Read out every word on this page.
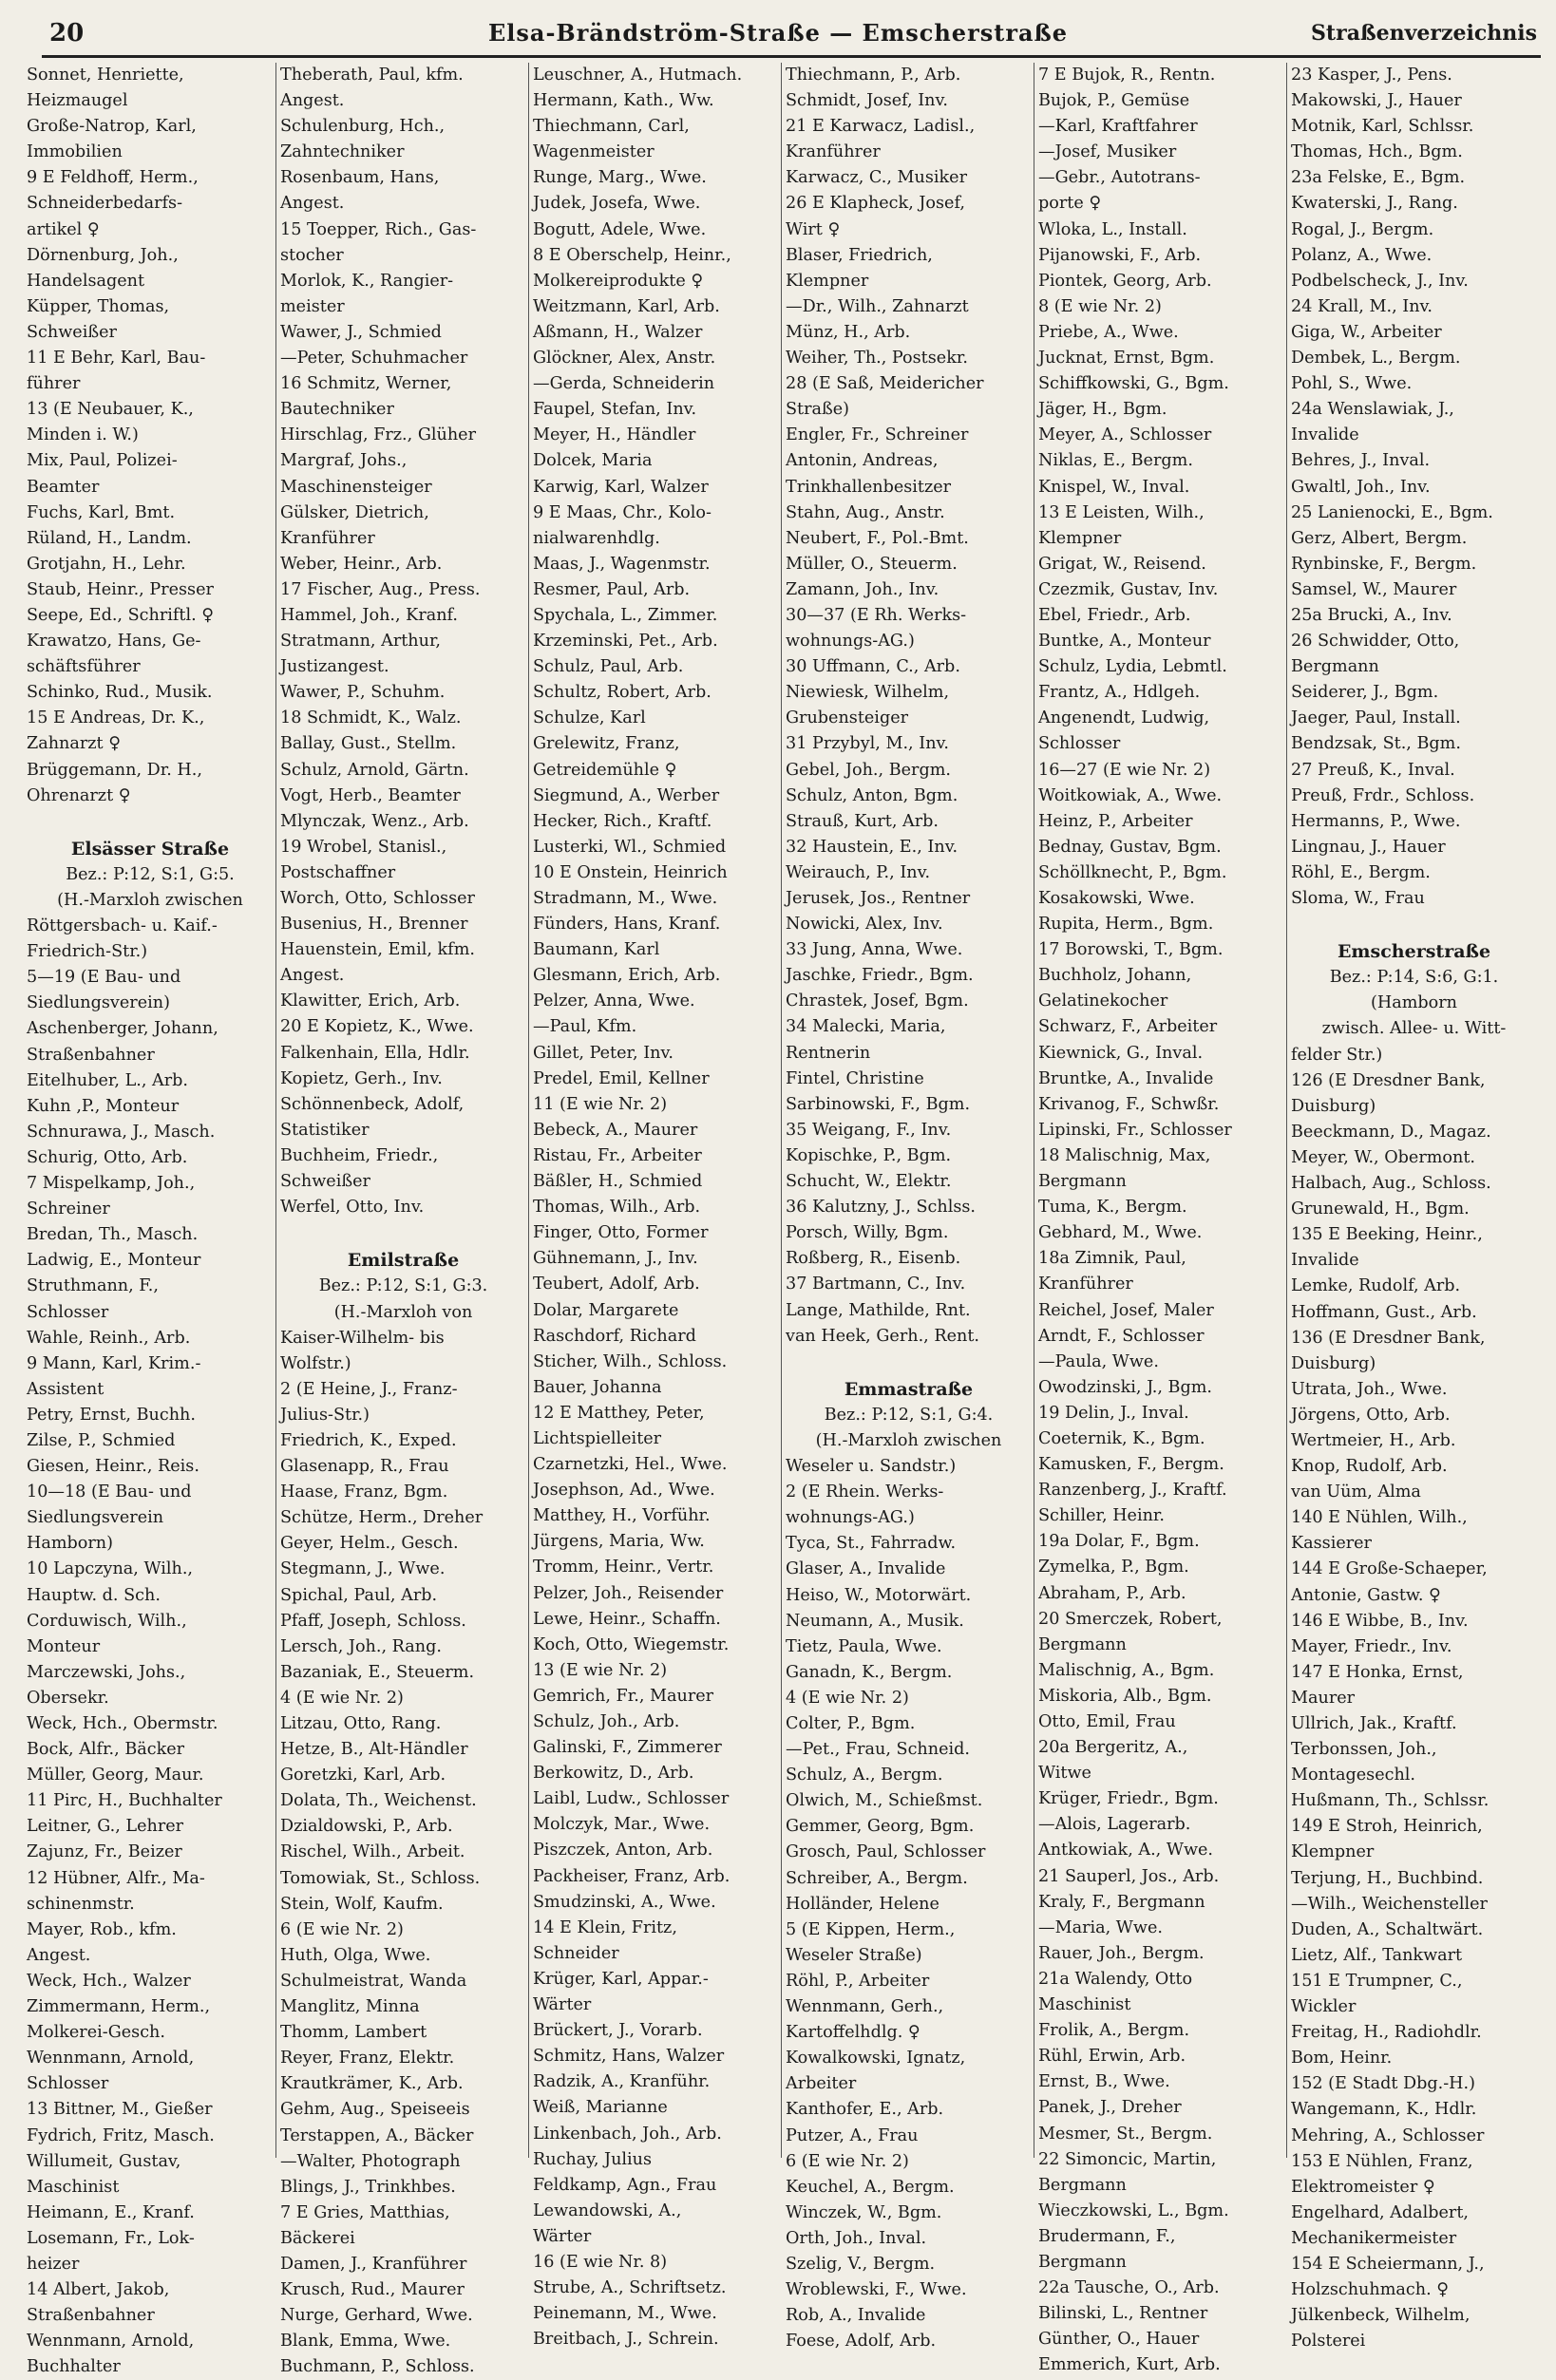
20	Elsa-Brändström-Straße — Emscherstraße	Straßenverzeichnis
Sonnet, Henriette,
Heizmaugel
Große-Natrop, Karl,
Immobilien
9 E Feldhoff, Herm.,
Schneiderbedarfs-
artikel ♀
Dörnenburg, Joh.,
Handelsagent
Küpper, Thomas,
Schweißer
11 E Behr, Karl, Bau-
führer
13 (E Neubauer, K.,
Minden i. W.)
Mix, Paul, Polizei-
Beamter
Fuchs, Karl, Bmt.
Rüland, H., Landm.
Grotjahn, H., Lehr.
Staub, Heinr., Presser
Seepe, Ed., Schriftl. ♀
Krawatzo, Hans, Ge-
schäftsführer
Schinko, Rud., Musik.
15 E Andreas, Dr. K.,
Zahnarzt ♀
Brüggemann, Dr. H.,
Ohrenarzt ♀

Elsässer Straße
Bez.: P:12, S:1, G:5.
(H.-Marxloh zwischen
Röttgersbach- u. Kaif.-
Friedrich-Str.)
5—19 (E Bau- und
Siedlungsverein)
Aschenberger, Johann,
Straßenbahner
Eitelhuber, L., Arb.
Kuhn ,P., Monteur
Schnurawa, J., Masch.
Schurig, Otto, Arb.
7 Mispelkamp, Joh.,
Schreiner
Bredan, Th., Masch.
Ladwig, E., Monteur
Struthmann, F.,
Schlosser
Wahle, Reinh., Arb.
9 Mann, Karl, Krim.-
Assistent
Petry, Ernst, Buchh.
Zilse, P., Schmied
Giesen, Heinr., Reis.
10—18 (E Bau- und
Siedlungsverein
Hamborn)
10 Lapczyna, Wilh.,
Hauptw. d. Sch.
Corduwisch, Wilh.,
Monteur
Marczewski, Johs.,
Obersekr.
Weck, Hch., Obermstr.
Bock, Alfr., Bäcker
Müller, Georg, Maur.
11 Pirc, H., Buchhalter
Leitner, G., Lehrer
Zajunz, Fr., Beizer
12 Hübner, Alfr., Ma-
schinenmstr.
Mayer, Rob., kfm.
Angest.
Weck, Hch., Walzer
Zimmermann, Herm.,
Molkerei-Gesch.
Wennmann, Arnold,
Schlosser
13 Bittner, M., Gießer
Fydrich, Fritz, Masch.
Willumeit, Gustav,
Maschinist
Heimann, E., Kranf.
Losemann, Fr., Lok-
heizer
14 Albert, Jakob,
Straßenbahner
Wennmann, Arnold,
Buchhalter
Theberath, Paul, kfm.
Angest.
Schulenburg, Hch.,
Zahntechniker
Rosenbaum, Hans,
Angest.
15 Toepper, Rich., Gas-
stocher
Morlok, K., Rangier-
meister
Wawer, J., Schmied
—Peter, Schuhmacher
16 Schmitz, Werner,
Bautechniker
Hirschlag, Frz., Glüher
Margraf, Johs.,
Maschinensteiger
Gülsker, Dietrich,
Kranführer
Weber, Heinr., Arb.
17 Fischer, Aug., Press.
Hammel, Joh., Kranf.
Stratmann, Arthur,
Justizangest.
Wawer, P., Schuhm.
18 Schmidt, K., Walz.
Ballay, Gust., Stellm.
Schulz, Arnold, Gärtn.
Vogt, Herb., Beamter
Mlynczak, Wenz., Arb.
19 Wrobel, Stanisl.,
Postschaffner
Worch, Otto, Schlosser
Busenius, H., Brenner
Hauenstein, Emil, kfm.
Angest.
Klawitter, Erich, Arb.
20 E Kopietz, K., Wwe.
Falkenhain, Ella, Hdlr.
Kopietz, Gerh., Inv.
Schönnenbeck, Adolf,
Statistiker
Buchheim, Friedr.,
Schweißer
Werfel, Otto, Inv.

Emilstraße
Bez.: P:12, S:1, G:3.
(H.-Marxloh von
Kaiser-Wilhelm- bis
Wolfstr.)
2 (E Heine, J., Franz-
Julius-Str.)
Friedrich, K., Exped.
Glasenapp, R., Frau
Haase, Franz, Bgm.
Schütze, Herm., Dreher
Geyer, Helm., Gesch.
Stegmann, J., Wwe.
Spichal, Paul, Arb.
Pfaff, Joseph, Schloss.
Lersch, Joh., Rang.
Bazaniak, E., Steuerm.
4 (E wie Nr. 2)
Litzau, Otto, Rang.
Hetze, B., Alt-Händler
Goretzki, Karl, Arb.
Dolata, Th., Weichenst.
Dzialdowski, P., Arb.
Rischel, Wilh., Arbeit.
Tomowiak, St., Schloss.
Stein, Wolf, Kaufm.
6 (E wie Nr. 2)
Huth, Olga, Wwe.
Schulmeistrat, Wanda
Manglitz, Minna
Thomm, Lambert
Reyer, Franz, Elektr.
Krautkrämer, K., Arb.
Gehm, Aug., Speiseeis
Terstappen, A., Bäcker
—Walter, Photograph
Blings, J., Trinkhbes.
7 E Gries, Matthias,
Bäckerei
Damen, J., Kranführer
Krusch, Rud., Maurer
Nurge, Gerhard, Wwe.
Blank, Emma, Wwe.
Buchmann, P., Schloss.
Leuschner, A., Hutmach.
Hermann, Kath., Ww.
Thiechmann, Carl,
Wagenmeister
Runge, Marg., Wwe.
Judek, Josefa, Wwe.
Bogutt, Adele, Wwe.
8 E Oberschelp, Heinr.,
Molkereiprodukte ♀
Weitzmann, Karl, Arb.
Aßmann, H., Walzer
Glöckner, Alex, Anstr.
—Gerda, Schneiderin
Faupel, Stefan, Inv.
Meyer, H., Händler
Dolcek, Maria
Karwig, Karl, Walzer
9 E Maas, Chr., Kolo-
nialwarenhdlg.
Maas, J., Wagenmstr.
Resmer, Paul, Arb.
Spychala, L., Zimmer.
Krzeminski, Pet., Arb.
Schulz, Paul, Arb.
Schultz, Robert, Arb.
Schulze, Karl
Grelewitz, Franz,
Getreidemühle ♀
Siegmund, A., Werber
Hecker, Rich., Kraftf.
Lusterki, Wl., Schmied
10 E Onstein, Heinrich
Stradmann, M., Wwe.
Fünders, Hans, Kranf.
Baumann, Karl
Glesmann, Erich, Arb.
Pelzer, Anna, Wwe.
—Paul, Kfm.
Gillet, Peter, Inv.
Predel, Emil, Kellner
11 (E wie Nr. 2)
Bebeck, A., Maurer
Ristau, Fr., Arbeiter
Bäßler, H., Schmied
Thomas, Wilh., Arb.
Finger, Otto, Former
Gühnemann, J., Inv.
Teubert, Adolf, Arb.
Dolar, Margarete
Raschdorf, Richard
Sticher, Wilh., Schloss.
Bauer, Johanna
12 E Matthey, Peter,
Lichtspielleiter
Czarnetzki, Hel., Wwe.
Josephson, Ad., Wwe.
Matthey, H., Vorführ.
Jürgens, Maria, Ww.
Tromm, Heinr., Vertr.
Pelzer, Joh., Reisender
Lewe, Heinr., Schaffn.
Koch, Otto, Wiegemstr.
13 (E wie Nr. 2)
Gemrich, Fr., Maurer
Schulz, Joh., Arb.
Galinski, F., Zimmerer
Berkowitz, D., Arb.
Laibl, Ludw., Schlosser
Molczyk, Mar., Wwe.
Piszczek, Anton, Arb.
Packheiser, Franz, Arb.
Smudzinski, A., Wwe.
14 E Klein, Fritz,
Schneider
Krüger, Karl, Appar.-
Wärter
Brückert, J., Vorarb.
Schmitz, Hans, Walzer
Radzik, A., Kranführ.
Weiß, Marianne
Linkenbach, Joh., Arb.
Ruchay, Julius
Feldkamp, Agn., Frau
Lewandowski, A.,
Wärter
16 (E wie Nr. 8)
Strube, A., Schriftsetz.
Peinemann, M., Wwe.
Breitbach, J., Schrein.
Thiechmann, P., Arb.
Schmidt, Josef, Inv.
21 E Karwacz, Ladisl.,
Kranführer
Karwacz, C., Musiker
26 E Klapheck, Josef,
Wirt ♀
Blaser, Friedrich,
Klempner
—Dr., Wilh., Zahnarzt
Münz, H., Arb.
Weiher, Th., Postsekr.
28 (E Saß, Meidericher
Straße)
Engler, Fr., Schreiner
Antonin, Andreas,
Trinkhallenbesitzer
Stahn, Aug., Anstr.
Neubert, F., Pol.-Bmt.
Müller, O., Steuerm.
Zamann, Joh., Inv.
30—37 (E Rh. Werks-
wohnungs-AG.)
30 Uffmann, C., Arb.
Niewiesk, Wilhelm,
Grubensteiger
31 Przybyl, M., Inv.
Gebel, Joh., Bergm.
Schulz, Anton, Bgm.
Strauß, Kurt, Arb.
32 Haustein, E., Inv.
Weirauch, P., Inv.
Jerusek, Jos., Rentner
Nowicki, Alex, Inv.
33 Jung, Anna, Wwe.
Jaschke, Friedr., Bgm.
Chrastek, Josef, Bgm.
34 Malecki, Maria,
Rentnerin
Fintel, Christine
Sarbinowski, F., Bgm.
35 Weigang, F., Inv.
Kopischke, P., Bgm.
Schucht, W., Elektr.
36 Kalutzny, J., Schlss.
Porsch, Willy, Bgm.
Roßberg, R., Eisenb.
37 Bartmann, C., Inv.
Lange, Mathilde, Rnt.
van Heek, Gerh., Rent.

Emmastraße
Bez.: P:12, S:1, G:4.
(H.-Marxloh zwischen
Weseler u. Sandstr.)
2 (E Rhein. Werks-
wohnungs-AG.)
Tyca, St., Fahrradw.
Glaser, A., Invalide
Heiso, W., Motorwärt.
Neumann, A., Musik.
Tietz, Paula, Wwe.
Ganadn, K., Bergm.
4 (E wie Nr. 2)
Colter, P., Bgm.
—Pet., Frau, Schneid.
Schulz, A., Bergm.
Olwich, M., Schießmst.
Gemmer, Georg, Bgm.
Grosch, Paul, Schlosser
Schreiber, A., Bergm.
Holländer, Helene
5 (E Kippen, Herm.,
Weseler Straße)
Röhl, P., Arbeiter
Wennmann, Gerh.,
Kartoffelhdlg. ♀
Kowalkowski, Ignatz,
Arbeiter
Kanthofer, E., Arb.
Putzer, A., Frau
6 (E wie Nr. 2)
Keuchel, A., Bergm.
Winczek, W., Bgm.
Orth, Joh., Inval.
Szelig, V., Bergm.
Wroblewski, F., Wwe.
Rob, A., Invalide
Foese, Adolf, Arb.
7 E Bujok, R., Rentn.
Bujok, P., Gemüse
—Karl, Kraftfahrer
—Josef, Musiker
—Gebr., Autotrans-
porte ♀
Wloka, L., Install.
Pijanowski, F., Arb.
Piontek, Georg, Arb.
8 (E wie Nr. 2)
Priebe, A., Wwe.
Jucknat, Ernst, Bgm.
Schiffkowski, G., Bgm.
Jäger, H., Bgm.
Meyer, A., Schlosser
Niklas, E., Bergm.
Knispel, W., Inval.
13 E Leisten, Wilh.,
Klempner
Grigat, W., Reisend.
Czezmik, Gustav, Inv.
Ebel, Friedr., Arb.
Buntke, A., Monteur
Schulz, Lydia, Lebmtl.
Frantz, A., Hdlgeh.
Angenendt, Ludwig,
Schlosser
16—27 (E wie Nr. 2)
Woitkowiak, A., Wwe.
Heinz, P., Arbeiter
Bednay, Gustav, Bgm.
Schöllknecht, P., Bgm.
Kosakowski, Wwe.
Rupita, Herm., Bgm.
17 Borowski, T., Bgm.
Buchholz, Johann,
Gelatinekocher
Schwarz, F., Arbeiter
Kiewnick, G., Inval.
Bruntke, A., Invalide
Krivanog, F., Schwßr.
Lipinski, Fr., Schlosser
18 Malischnig, Max,
Bergmann
Tuma, K., Bergm.
Gebhard, M., Wwe.
18a Zimnik, Paul,
Kranführer
Reichel, Josef, Maler
Arndt, F., Schlosser
—Paula, Wwe.
Owodzinski, J., Bgm.
19 Delin, J., Inval.
Coeternik, K., Bgm.
Kamusken, F., Bergm.
Ranzenberg, J., Kraftf.
Schiller, Heinr.
19a Dolar, F., Bgm.
Zymelka, P., Bgm.
Abraham, P., Arb.
20 Smerczek, Robert,
Bergmann
Malischnig, A., Bgm.
Miskoria, Alb., Bgm.
Otto, Emil, Frau
20a Bergeritz, A.,
Witwe
Krüger, Friedr., Bgm.
—Alois, Lagerarb.
Antkowiak, A., Wwe.
21 Sauperl, Jos., Arb.
Kraly, F., Bergmann
—Maria, Wwe.
Rauer, Joh., Bergm.
21a Walendy, Otto
Maschinist
Frolik, A., Bergm.
Rühl, Erwin, Arb.
Ernst, B., Wwe.
Panek, J., Dreher
Mesmer, St., Bergm.
22 Simoncic, Martin,
Bergmann
Wieczkowski, L., Bgm.
Brudermann, F.,
Bergmann
22a Tausche, O., Arb.
Bilinski, L., Rentner
Günther, O., Hauer
Emmerich, Kurt, Arb.
23 Kasper, J., Pens.
Makowski, J., Hauer
Motnik, Karl, Schlssr.
Thomas, Hch., Bgm.
23a Felske, E., Bgm.
Kwaterski, J., Rang.
Rogal, J., Bergm.
Polanz, A., Wwe.
Podbelscheck, J., Inv.
24 Krall, M., Inv.
Giga, W., Arbeiter
Dembek, L., Bergm.
Pohl, S., Wwe.
24a Wenslawiak, J.,
Invalide
Behres, J., Inval.
Gwaltl, Joh., Inv.
25 Lanienocki, E., Bgm.
Gerz, Albert, Bergm.
Rynbinske, F., Bergm.
Samsel, W., Maurer
25a Brucki, A., Inv.
26 Schwidder, Otto,
Bergmann
Seiderer, J., Bgm.
Jaeger, Paul, Install.
Bendzsak, St., Bgm.
27 Preuß, K., Inval.
Preuß, Frdr., Schloss.
Hermanns, P., Wwe.
Lingnau, J., Hauer
Röhl, E., Bergm.
Sloma, W., Frau

Emscherstraße
Bez.: P:14, S:6, G:1.
(Hamborn
zwisch. Allee- u. Witt-
felder Str.)
126 (E Dresdner Bank,
Duisburg)
Beeckmann, D., Magaz.
Meyer, W., Obermont.
Halbach, Aug., Schloss.
Grunewald, H., Bgm.
135 E Beeking, Heinr.,
Invalide
Lemke, Rudolf, Arb.
Hoffmann, Gust., Arb.
136 (E Dresdner Bank,
Duisburg)
Utrata, Joh., Wwe.
Jörgens, Otto, Arb.
Wertmeier, H., Arb.
Knop, Rudolf, Arb.
van Uüm, Alma
140 E Nühlen, Wilh.,
Kassierer
144 E Große-Schaeper,
Antonie, Gastw. ♀
146 E Wibbe, B., Inv.
Mayer, Friedr., Inv.
147 E Honka, Ernst,
Maurer
Ullrich, Jak., Kraftf.
Terbonssen, Joh.,
Montagesechl.
Hußmann, Th., Schlssr.
149 E Stroh, Heinrich,
Klempner
Terjung, H., Buchbind.
—Wilh., Weichensteller
Duden, A., Schaltwärt.
Lietz, Alf., Tankwart
151 E Trumpner, C.,
Wickler
Freitag, H., Radiohdlr.
Bom, Heinr.
152 (E Stadt Dbg.-H.)
Wangemann, K., Hdlr.
Mehring, A., Schlosser
153 E Nühlen, Franz,
Elektromeister ♀
Engelhard, Adalbert,
Mechanikermeister
154 E Scheiermann, J.,
Holzschuhmach. ♀
Jülkenbeck, Wilhelm,
Polsterei
